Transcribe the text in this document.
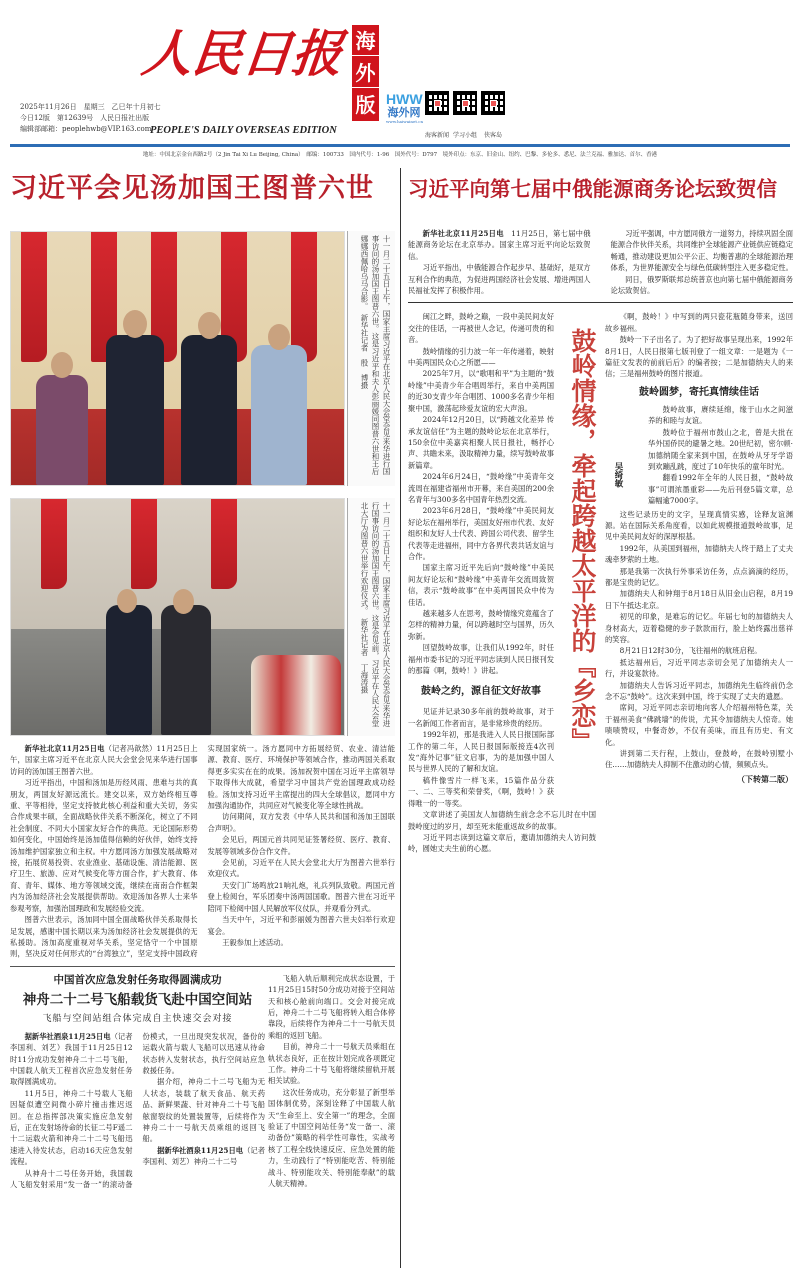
2025年11月26日　星期三　乙巳年十月初七
今日12版　第12639号　人民日报社出版
编辑部邮箱：peoplehwb@VIP.163.com
人民日报 海
外
版
PEOPLE'S DAILY OVERSEAS EDITION
HWW
海外网
www.haiwainet.cn
海客新闻 学习小组	侠客岛
地址：中国北京金台西路2号（2 Jin Tai Xi Lu Beijing, China）　邮编：100733　国内代号：1-96　国外代号：D797　境外印点：东京、旧金山、纽约、巴黎、多伦多、悉尼、法兰克福、雅加达、首尔、香港
习近平会见汤加国王图普六世
十一月二十五日上午，国家主席习近平在北京人民大会堂会见来华进行国事访问的汤加国王图普六世。这是习近平和夫人彭丽媛同图普六世和王后娜娜西佩哈乌马合影。　新华社记者　殷　博摄
十一月二十五日上午，国家主席习近平在北京人民大会堂会见来华进行国事访问的汤加国王图普六世。这是会见前，习近平在人民大会堂北大厅为图普六世举行欢迎仪式。　新华社记者　丁海涛摄

新华社北京11月25日电（记者冯歆然）11月25日上午，国家主席习近平在北京人民大会堂会见来华进行国事访问的汤加国王图普六世。

习近平指出，中国和汤加是历经风雨、患难与共的真朋友，两国友好源远流长。建交以来，双方始终相互尊重、平等相待，坚定支持彼此核心利益和重大关切，务实合作成果丰硕，全面战略伙伴关系不断深化，树立了不同社会制度、不同大小国家友好合作的典范。无论国际形势如何变化，中国始终是汤加值得信赖的好伙伴，始终支持汤加维护国家独立和主权。中方愿同汤方加强发展战略对接，拓展贸易投资、农业渔业、基础设施、清洁能源、医疗卫生、旅游、应对气候变化等方面合作，扩大教育、体育、青年、媒体、地方等领域交流，继续在南南合作框架内为汤加经济社会发展提供帮助。欢迎汤加各界人士来华参观考察，加强治国理政和发展经验交流。

图普六世表示，汤加同中国全面战略伙伴关系取得长足发展，感谢中国长期以来为汤加经济社会发展提供的无私援助。汤加高度重视对华关系，坚定恪守一个中国原则，坚决反对任何形式的“台湾独立”，坚定支持中国政府实现国家统一。汤方愿同中方拓展经贸、农业、清洁能源、教育、医疗、环境保护等领域合作，推动两国关系取得更多实实在在的成果。汤加祝贺中国在习近平主席领导下取得伟大成就，希望学习中国共产党治国理政成功经验。汤加支持习近平主席提出的四大全球倡议，愿同中方加强沟通协作，共同应对气候变化等全球性挑战。

访问期间，双方发表《中华人民共和国和汤加王国联合声明》。

会见后，两国元首共同见证签署经贸、医疗、教育、发展等领域多份合作文件。

会见前，习近平在人民大会堂北大厅为图普六世举行欢迎仪式。

天安门广场鸣放21响礼炮，礼兵列队致敬。两国元首登上检阅台，军乐团奏中汤两国国歌。图普六世在习近平陪同下检阅中国人民解放军仪仗队，并观看分列式。

当天中午，习近平和彭丽媛为图普六世夫妇举行欢迎宴会。

王毅参加上述活动。

中国首次应急发射任务取得圆满成功
神舟二十二号飞船载货飞赴中国空间站
飞船与空间站组合体完成自主快速交会对接

据新华社酒泉11月25日电（记者李国利、刘艺）我国于11月25日12时11分成功发射神舟二十二号飞船，中国载人航天工程首次应急发射任务取得圆满成功。

11月5日，神舟二十号载人飞船因疑似遭空间微小碎片撞击推迟返回。在总指挥部决策实施应急发射后，正在发射场待命的长征二号F遥二十二运载火箭和神舟二十二号飞船迅速进入待发状态，启动16天应急发射流程。

从神舟十二号任务开始，我国载人飞船发射采用“发一备一”的滚动备份模式，一旦出现突发状况，备份的运载火箭与载人飞船可以迅速从待命状态转入发射状态，执行空间站应急救援任务。

据介绍，神舟二十二号飞船为无人状态，装载了航天食品、航天药品、新鲜果蔬、针对神舟二十号飞船舷窗裂纹的处置装置等，后续将作为神舟二十一号航天员乘组的返回飞船。

据新华社酒泉11月25日电（记者李国利、刘艺）神舟二十二号

飞船入轨后顺利完成状态设置，于11月25日15时50分成功对接于空间站天和核心舱前向端口。交会对接完成后，神舟二十二号飞船将转入组合体停靠段，后续将作为神舟二十一号航天员乘组的返回飞船。

目前，神舟二十一号航天员乘组在轨状态良好，正在按计划完成各项既定工作。神舟二十号飞船将继续留轨开展相关试验。

这次任务成功，充分彰显了新型举国体制优势，深刻诠释了中国载人航天“生命至上、安全第一”的理念，全面验证了中国空间站任务“发一备一、滚动备份”策略的科学性可靠性，实战考核了工程全线快速反应、应急处置的能力，生动践行了“特别能吃苦、特别能战斗、特别能攻关、特别能奉献”的载人航天精神。

习近平向第七届中俄能源商务论坛致贺信

新华社北京11月25日电　11月25日，第七届中俄能源商务论坛在北京举办。国家主席习近平向论坛致贺信。

习近平指出，中俄能源合作起步早、基础好，是双方互利合作的典范，为促进两国经济社会发展、增进两国人民福祉发挥了积极作用。

习近平强调，中方愿同俄方一道努力，持续巩固全面能源合作伙伴关系，共同维护全球能源产业链供应链稳定畅通，推动建设更加公平公正、均衡普惠的全球能源治理体系，为世界能源安全与绿色低碳转型注入更多稳定性。

同日，俄罗斯联邦总统普京也向第七届中俄能源商务论坛致贺信。

闽江之畔，鼓岭之巅，一段中美民间友好交往的佳话，一再被世人念记，传递可贵的和音。

鼓岭情缘的引力波一年一年传递着，映射中美两国民众心之所愿——

2025年7月，以“歌唱和平”为主题的“鼓岭缘”中美青少年合唱周举行，来自中美两国的近30支青少年合唱团、1000多名青少年相聚中国，激荡起珍爱友谊的宏大声浪。

2024年12月20日，以“跨越文化差异 传承友谊信任”为主题的鼓岭论坛在北京举行，150余位中美嘉宾相聚人民日报社，畅抒心声、共瞻未来，汲取精神力量，续写鼓岭故事新篇章。

2024年6月24日，“鼓岭缘”中美青年交流周在福建省福州市开幕，来自美国的200余名青年与300多名中国青年热烈交流。

2023年6月28日，“鼓岭缘”中美民间友好论坛在福州举行，美国友好州市代表、友好组织和友好人士代表、跨国公司代表、留学生代表等走进福州，同中方各界代表共话友谊与合作。

国家主席习近平先后向“鼓岭缘”中美民间友好论坛和“鼓岭缘”中美青年交流周致贺信，表示“鼓岭故事”在中美两国民众中传为佳话。

越来越多人在思考，鼓岭情缘究竟蕴含了怎样的精神力量，何以跨越时空与国界，历久弥新。

回望鼓岭故事，让我们从1992年，时任福州市委书记的习近平同志读到人民日报刊发的那篇《啊，鼓岭！》讲起。

鼓岭之约，源自征文好故事

见证并记录30多年前的鼓岭故事，对于一名新闻工作者而言，是非常珍贵的经历。

1992年初，那是我进入人民日报国际部工作的第二年，人民日报国际版接连4次刊发“海外记事”征文启事，为的是加强中国人民与世界人民的了解和友谊。

稿件像雪片一样飞来，15篇作品分获一、二、三等奖和荣誉奖，《啊，鼓岭！》获得唯一的一等奖。

文章讲述了美国友人加德纳生前念念不忘儿时在中国鼓岭度过的岁月，却至死未能重返故乡的故事。

习近平同志读到这篇文章后，邀请加德纳夫人访问鼓岭，圆她丈夫生前的心愿。

鼓岭情缘，牵起跨越太平洋的『乡恋』

《啊，鼓岭！》中写到的两只瓷花瓶随身带来，送回故乡福州。

鼓岭一下子出名了。为了把好故事呈现出来，1992年8月1日，人民日报第七版刊登了一组文章：一是题为《一篇征文发表的前前后后》的编者按；二是加德纳夫人的来信；三是福州鼓岭的图片报道。

鼓岭圆梦，寄托真情续佳话
吴绮敏

鼓岭故事，赓续延绵，缘于山水之间滋养的和睦与友谊。

鼓岭位于福州市鼓山之北，曾是大批在华外国侨民的避暑之地。20世纪初，密尔顿·加德纳随全家来到中国，在鼓岭从牙牙学语到欢蹦乱跳，度过了10年快乐的童年时光。

翻看1992年全年的人民日报，“鼓岭故事”可谓浓墨重彩——先后刊登5篇文章，总篇幅逾7000字。

这些记录历史的文字，呈现真情实感，诠释友谊渊源。站在国际关系角度看，以如此规模报道鼓岭故事，足见中美民间友好的深厚根基。

1992年，从美国到福州，加德纳夫人终于踏上了丈夫魂牵梦萦的土地。

那是我第一次执行外事采访任务，点点滴滴的经历，都是宝贵的记忆。

加德纳夫人和钟翔于8月18日从旧金山启程，8月19日下午抵达北京。

初见的印象，是难忘的记忆。年届七旬的加德纳夫人身材高大，迈着稳健的步子款款而行，脸上始终露出慈祥的笑容。

8月21日12时30分，飞往福州的航班启程。

抵达福州后，习近平同志亲切会见了加德纳夫人一行，并设宴款待。

加德纳夫人告诉习近平同志，加德纳先生临终前仍念念不忘“鼓岭”。这次来到中国，终于实现了丈夫的遗愿。

席间，习近平同志亲切地向客人介绍福州特色菜，关于福州美食“佛跳墙”的传说，尤其令加德纳夫人惊奇。她啧啧赞叹，中餐奇妙，不仅有美味，而且有历史、有文化。

讲到第二天行程，上鼓山，登鼓岭，在鼓岭别墅小住……加德纳夫人抑制不住激动的心情，频频点头。

（下转第二版）
